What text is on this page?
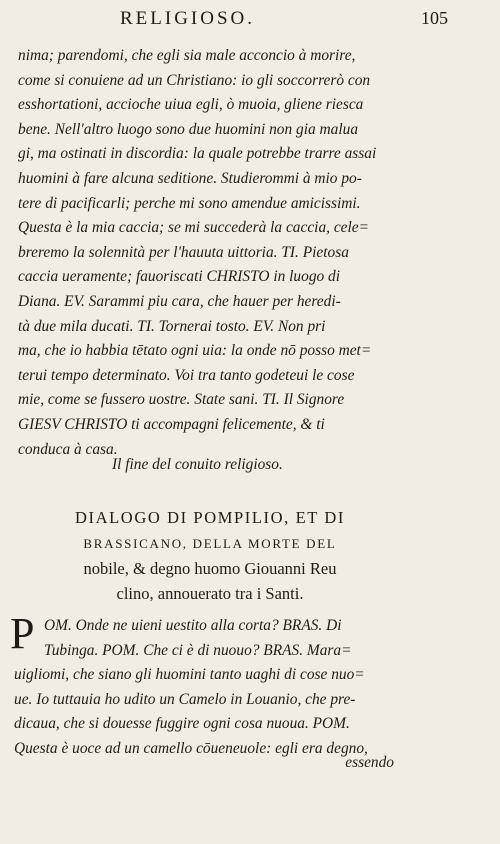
RELIGIOSO.	105
nima; parendomi, che egli sia male acconcio à morire,
come si conuiene ad un Christiano: io gli soccorrerò con
esshortationi, accioche uiua egli, ò muoia, gliene riesca
bene. Nell'altro luogo sono due huomini non gia malua
gi, ma ostinati in discordia: la quale potrebbe trarre assai
huomini à fare alcuna seditione. Studierommi à mio po-
tere di pacificarli; perche mi sono amendue amicissimi.
Questa è la mia caccia; se mi succederà la caccia, cele=
breremo la solennità per l'hauuta uittoria. TI. Pietosa
caccia ueramente; fauoriscati CHRISTO in luogo di
Diana. EV. Sarammi piu cara, che hauer per heredi-
tà due mila ducati. TI. Tornerai tosto. EV. Non pri
ma, che io habbia tētato ogni uia: la onde nō posso met=
terui tempo determinato. Voi tra tanto godeteui le cose
mie, come se fussero uostre. State sani. TI. Il Signore
GIESV CHRISTO ti accompagni felicemente, & ti
conduca à casa.
Il fine del conuito religioso.
DIALOGO DI POMPILIO, ET DI
BRASSICANO, DELLA MORTE DEL
nobile, & degno huomo Giouanni Reu
clino, annouerato tra i Santi.
P OM. Onde ne uieni uestito alla corta? BRAS. Di
Tubinga. POM. Che ci è di nuouo? BRAS. Mara=
uigliomi, che siano gli huomini tanto uaghi di cose nuo=
ue. Io tuttauia ho udito un Camelo in Louanio, che pre-
dicaua, che si douesse fuggire ogni cosa nuoua. POM.
Questa è uoce ad un camello cōueneuole: egli era degno,
essendo
